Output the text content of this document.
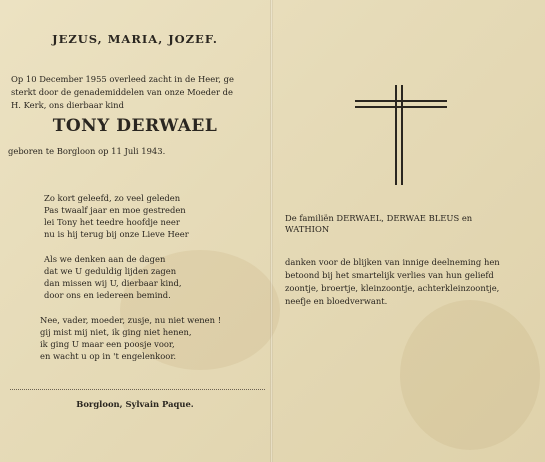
JEZUS, MARIA, JOZEF.
Op 10 December 1955 overleed zacht in de Heer, ge
sterkt door de genademiddelen van onze Moeder de
H. Kerk, ons dierbaar kind
TONY DERWAEL
geboren te Borgloon op 11 Juli 1943.
Zo kort geleefd, zo veel geleden
Pas twaalf jaar en moe gestreden
lei Tony het teedre hoofdje neer
nu is hij terug bij onze Lieve Heer
Als we denken aan de dagen
dat we U geduldig lijden zagen
dan missen wij U, dierbaar kind,
door ons en iedereen bemind.
Nee, vader, moeder, zusje, nu niet wenen !
gij mist mij niet, ik ging niet henen,
ik ging U maar een poosje voor,
en wacht u op in 't engelenkoor.
Borgloon, Sylvain Paque.
De familiën DERWAEL, DERWAE BLEUS en
WATHION
danken voor de blijken van innige deelneming hen
betoond bij het smartelijk verlies van hun geliefd
zoontje, broertje, kleinzoontje, achterkleinzoontje,
neefje en bloedverwant.
